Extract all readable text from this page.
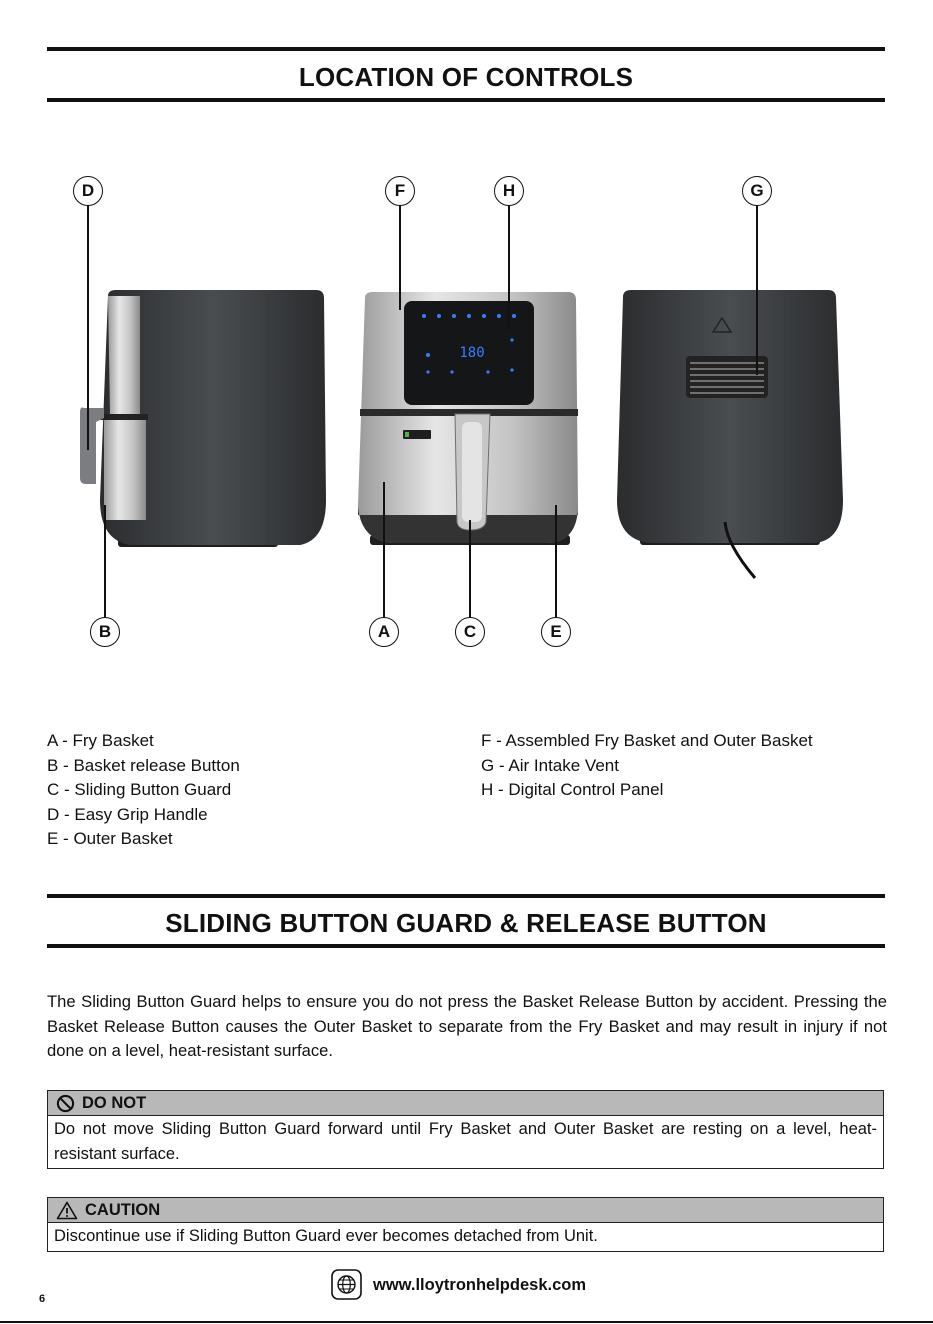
LOCATION OF CONTROLS
180
D	F	H	G
B	A	C	E
A - Fry Basket
B - Basket release Button
C - Sliding Button Guard
D - Easy Grip Handle
E - Outer Basket
F - Assembled Fry Basket and Outer Basket
G - Air Intake Vent
H - Digital Control Panel
SLIDING BUTTON GUARD & RELEASE BUTTON
The Sliding Button Guard helps to ensure you do not press the Basket Release Button by accident. Pressing the Basket Release Button causes the Outer Basket to separate from the Fry Basket and may result in injury if not done on a level, heat-resistant surface.
DO NOT
Do not move Sliding Button Guard forward until Fry Basket and Outer Basket are resting on a level, heat-resistant surface.
CAUTION
Discontinue use if Sliding Button Guard ever becomes detached from Unit.
www.lloytronhelpdesk.com
6
